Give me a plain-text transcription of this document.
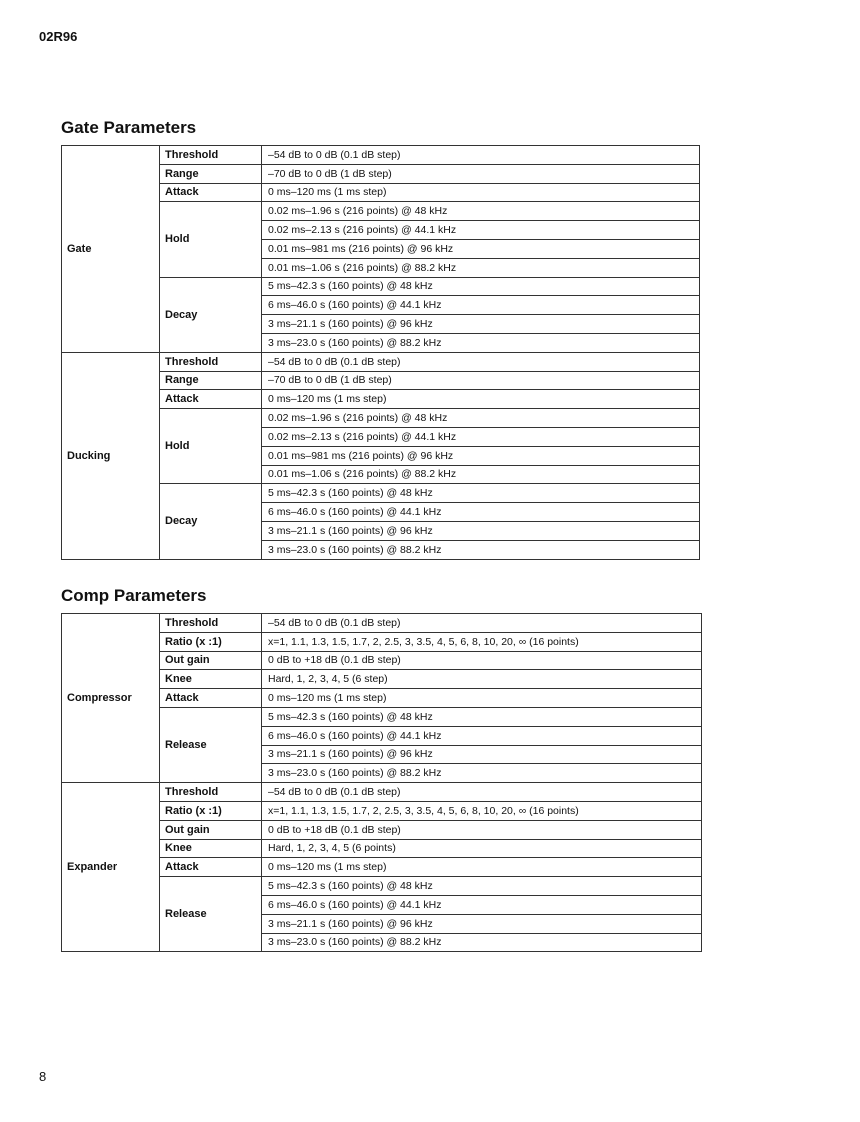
02R96
Gate Parameters
Gate	Threshold	–54 dB to 0 dB (0.1 dB step)
	Range	–70 dB to 0 dB (1 dB step)
	Attack	0 ms–120 ms (1 ms step)
	Hold	0.02 ms–1.96 s (216 points) @ 48 kHz
		0.02 ms–2.13 s (216 points) @ 44.1 kHz
		0.01 ms–981 ms (216 points) @ 96 kHz
		0.01 ms–1.06 s (216 points) @ 88.2 kHz
	Decay	5 ms–42.3 s (160 points) @ 48 kHz
		6 ms–46.0 s (160 points) @ 44.1 kHz
		3 ms–21.1 s (160 points) @ 96 kHz
		3 ms–23.0 s (160 points) @ 88.2 kHz
Ducking	Threshold	–54 dB to 0 dB (0.1 dB step)
	Range	–70 dB to 0 dB (1 dB step)
	Attack	0 ms–120 ms (1 ms step)
	Hold	0.02 ms–1.96 s (216 points) @ 48 kHz
		0.02 ms–2.13 s (216 points) @ 44.1 kHz
		0.01 ms–981 ms (216 points) @ 96 kHz
		0.01 ms–1.06 s (216 points) @ 88.2 kHz
	Decay	5 ms–42.3 s (160 points) @ 48 kHz
		6 ms–46.0 s (160 points) @ 44.1 kHz
		3 ms–21.1 s (160 points) @ 96 kHz
		3 ms–23.0 s (160 points) @ 88.2 kHz
Comp Parameters
Compressor	Threshold	–54 dB to 0 dB (0.1 dB step)
	Ratio (x :1)	x=1, 1.1, 1.3, 1.5, 1.7, 2, 2.5, 3, 3.5, 4, 5, 6, 8, 10, 20, ∞ (16 points)
	Out gain	0 dB to +18 dB (0.1 dB step)
	Knee	Hard, 1, 2, 3, 4, 5 (6 step)
	Attack	0 ms–120 ms (1 ms step)
	Release	5 ms–42.3 s (160 points) @ 48 kHz
		6 ms–46.0 s (160 points) @ 44.1 kHz
		3 ms–21.1 s (160 points) @ 96 kHz
		3 ms–23.0 s (160 points) @ 88.2 kHz
Expander	Threshold	–54 dB to 0 dB (0.1 dB step)
	Ratio (x :1)	x=1, 1.1, 1.3, 1.5, 1.7, 2, 2.5, 3, 3.5, 4, 5, 6, 8, 10, 20, ∞ (16 points)
	Out gain	0 dB to +18 dB (0.1 dB step)
	Knee	Hard, 1, 2, 3, 4, 5 (6 points)
	Attack	0 ms–120 ms (1 ms step)
	Release	5 ms–42.3 s (160 points) @ 48 kHz
		6 ms–46.0 s (160 points) @ 44.1 kHz
		3 ms–21.1 s (160 points) @ 96 kHz
		3 ms–23.0 s (160 points) @ 88.2 kHz
8
